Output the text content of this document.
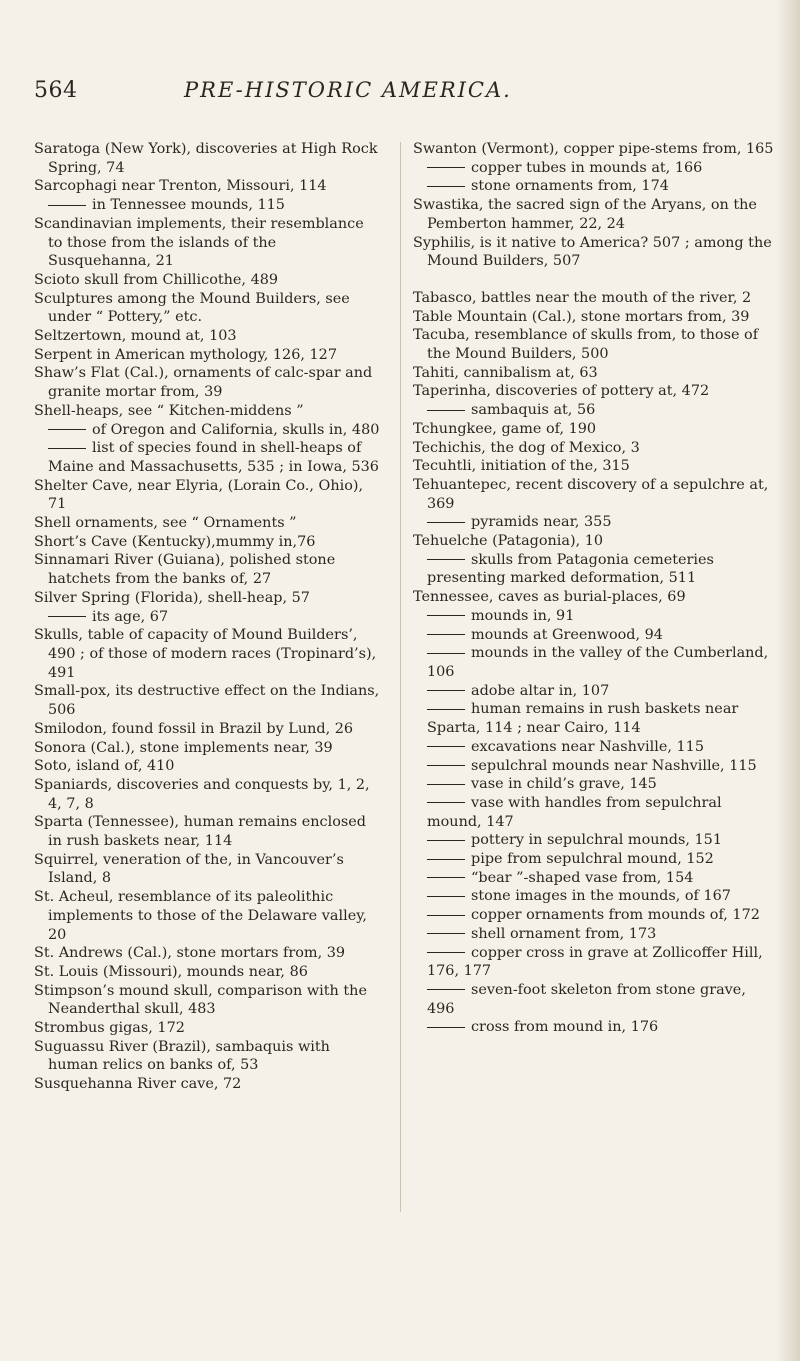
564	PRE-HISTORIC AMERICA.

Saratoga (New York), discoveries at High Rock Spring, 74

Sarcophagi near Trenton, Missouri, 114

in Tennessee mounds, 115

Scandinavian implements, their resemblance to those from the islands of the Susquehanna, 21

Scioto skull from Chillicothe, 489

Sculptures among the Mound Builders, see under “ Pottery,” etc.

Seltzertown, mound at, 103

Serpent in American mythology, 126, 127

Shaw’s Flat (Cal.), ornaments of calc-spar and granite mortar from, 39

Shell-heaps, see “ Kitchen-middens ”

of Oregon and California, skulls in, 480

list of species found in shell-heaps of Maine and Massachusetts, 535 ; in Iowa, 536

Shelter Cave, near Elyria, (Lorain Co., Ohio), 71

Shell ornaments, see “ Ornaments ”

Short’s Cave (Kentucky),mummy in,76

Sinnamari River (Guiana), polished stone hatchets from the banks of, 27

Silver Spring (Florida), shell-heap, 57

its age, 67

Skulls, table of capacity of Mound Builders’, 490 ; of those of modern races (Tropinard’s), 491

Small-pox, its destructive effect on the Indians, 506

Smilodon, found fossil in Brazil by Lund, 26

Sonora (Cal.), stone implements near, 39

Soto, island of, 410

Spaniards, discoveries and conquests by, 1, 2, 4, 7, 8

Sparta (Tennessee), human remains enclosed in rush baskets near, 114

Squirrel, veneration of the, in Vancouver’s Island, 8

St. Acheul, resemblance of its paleolithic implements to those of the Delaware valley, 20

St. Andrews (Cal.), stone mortars from, 39

St. Louis (Missouri), mounds near, 86

Stimpson’s mound skull, comparison with the Neanderthal skull, 483

Strombus gigas, 172

Suguassu River (Brazil), sambaquis with human relics on banks of, 53

Susquehanna River cave, 72

Swanton (Vermont), copper pipe-stems from, 165

copper tubes in mounds at, 166

stone ornaments from, 174

Swastika, the sacred sign of the Aryans, on the Pemberton hammer, 22, 24

Syphilis, is it native to America? 507 ; among the Mound Builders, 507

Tabasco, battles near the mouth of the river, 2

Table Mountain (Cal.), stone mortars from, 39

Tacuba, resemblance of skulls from, to those of the Mound Builders, 500

Tahiti, cannibalism at, 63

Taperinha, discoveries of pottery at, 472

sambaquis at, 56

Tchungkee, game of, 190

Techichis, the dog of Mexico, 3

Tecuhtli, initiation of the, 315

Tehuantepec, recent discovery of a sepulchre at, 369

pyramids near, 355

Tehuelche (Patagonia), 10

skulls from Patagonia cemeteries presenting marked deformation, 511

Tennessee, caves as burial-places, 69

mounds in, 91

mounds at Greenwood, 94

mounds in the valley of the Cumberland, 106

adobe altar in, 107

human remains in rush baskets near Sparta, 114 ; near Cairo, 114

excavations near Nashville, 115

sepulchral mounds near Nashville, 115

vase in child’s grave, 145

vase with handles from sepulchral mound, 147

pottery in sepulchral mounds, 151

pipe from sepulchral mound, 152

“bear ”-shaped vase from, 154

stone images in the mounds, of 167

copper ornaments from mounds of, 172

shell ornament from, 173

copper cross in grave at Zollicoffer Hill, 176, 177

seven-foot skeleton from stone grave, 496

cross from mound in, 176
